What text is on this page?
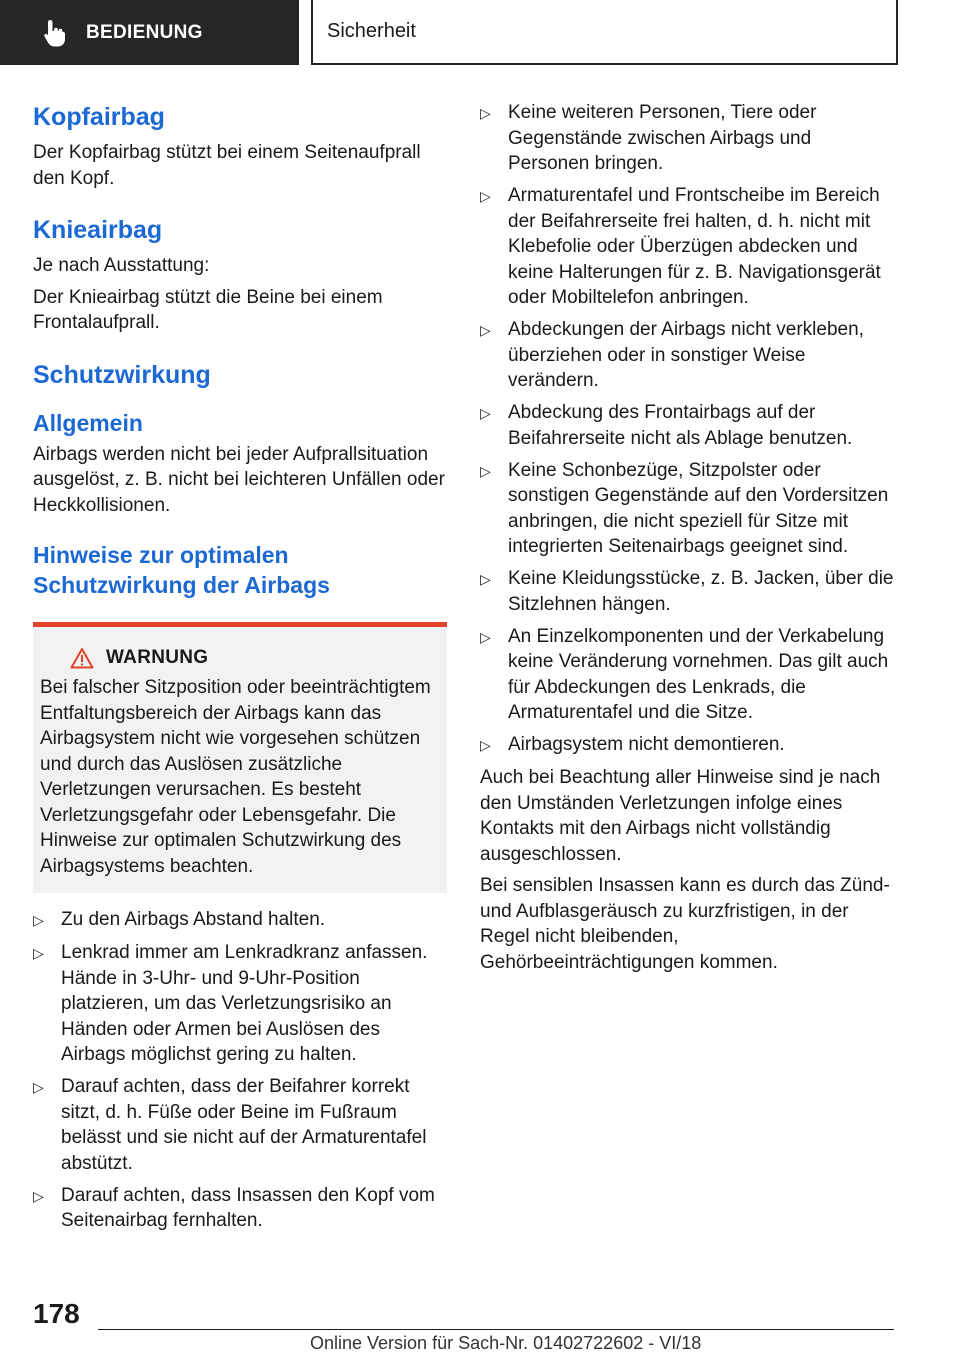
BEDIENUNG	Sicherheit
Kopfairbag
Der Kopfairbag stützt bei einem Seitenaufprall den Kopf.
Knieairbag
Je nach Ausstattung:
Der Knieairbag stützt die Beine bei einem Frontalaufprall.
Schutzwirkung
Allgemein
Airbags werden nicht bei jeder Aufprallsituation ausgelöst, z. B. nicht bei leichteren Unfällen oder Heckkollisionen.
Hinweise zur optimalen Schutzwirkung der Airbags
WARNUNG
Bei falscher Sitzposition oder beeinträchtigtem Entfaltungsbereich der Airbags kann das Airbagsystem nicht wie vorgesehen schützen und durch das Auslösen zusätzliche Verletzungen verursachen. Es besteht Verletzungsgefahr oder Lebensgefahr. Die Hinweise zur optimalen Schutzwirkung des Airbagsystems beachten.
▷ Zu den Airbags Abstand halten.
▷ Lenkrad immer am Lenkradkranz anfassen. Hände in 3-Uhr- und 9-Uhr-Position platzieren, um das Verletzungsrisiko an Händen oder Armen bei Auslösen des Airbags möglichst gering zu halten.
▷ Darauf achten, dass der Beifahrer korrekt sitzt, d. h. Füße oder Beine im Fußraum belässt und sie nicht auf der Armaturentafel abstützt.
▷ Darauf achten, dass Insassen den Kopf vom Seitenairbag fernhalten.
▷ Keine weiteren Personen, Tiere oder Gegenstände zwischen Airbags und Personen bringen.
▷ Armaturentafel und Frontscheibe im Bereich der Beifahrerseite frei halten, d. h. nicht mit Klebefolie oder Überzügen abdecken und keine Halterungen für z. B. Navigationsgerät oder Mobiltelefon anbringen.
▷ Abdeckungen der Airbags nicht verkleben, überziehen oder in sonstiger Weise verändern.
▷ Abdeckung des Frontairbags auf der Beifahrerseite nicht als Ablage benutzen.
▷ Keine Schonbezüge, Sitzpolster oder sonstigen Gegenstände auf den Vordersitzen anbringen, die nicht speziell für Sitze mit integrierten Seitenairbags geeignet sind.
▷ Keine Kleidungsstücke, z. B. Jacken, über die Sitzlehnen hängen.
▷ An Einzelkomponenten und der Verkabelung keine Veränderung vornehmen. Das gilt auch für Abdeckungen des Lenkrads, die Armaturentafel und die Sitze.
▷ Airbagsystem nicht demontieren.
Auch bei Beachtung aller Hinweise sind je nach den Umständen Verletzungen infolge eines Kontakts mit den Airbags nicht vollständig ausgeschlossen.
Bei sensiblen Insassen kann es durch das Zünd- und Aufblasgeräusch zu kurzfristigen, in der Regel nicht bleibenden, Gehörbeeinträchtigungen kommen.
178
Online Version für Sach-Nr. 01402722602 - VI/18
